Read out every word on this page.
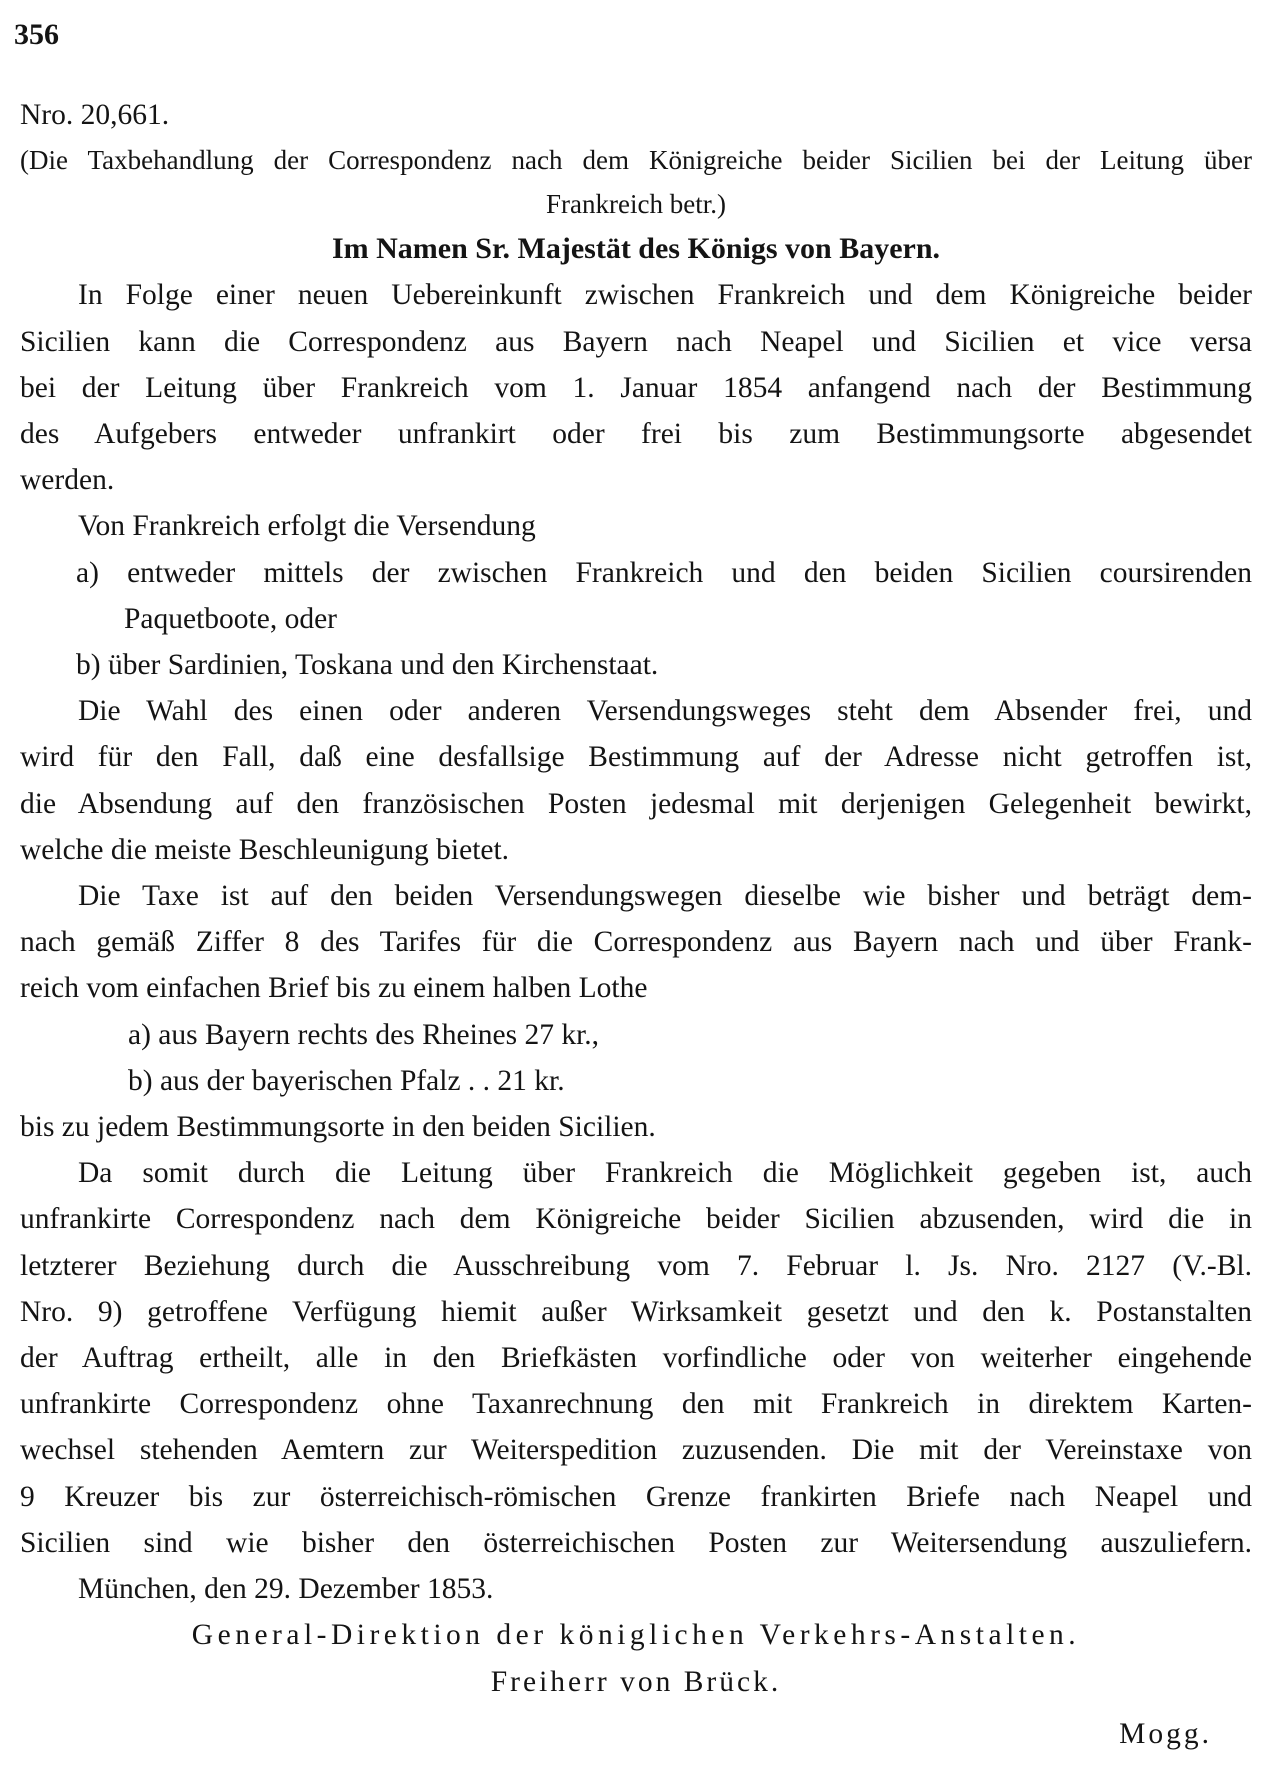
356
Nro. 20,661.
(Die Taxbehandlung der Correspondenz nach dem Königreiche beider Sicilien bei der Leitung über
Frankreich betr.)
Im Namen Sr. Majestät des Königs von Bayern.
In Folge einer neuen Uebereinkunft zwischen Frankreich und dem Königreiche beider
Sicilien kann die Correspondenz aus Bayern nach Neapel und Sicilien et vice versa
bei der Leitung über Frankreich vom 1. Januar 1854 anfangend nach der Bestimmung
des Aufgebers entweder unfrankirt oder frei bis zum Bestimmungsorte abgesendet
werden.
Von Frankreich erfolgt die Versendung
a) entweder mittels der zwischen Frankreich und den beiden Sicilien coursirenden
Paquetboote, oder
b) über Sardinien, Toskana und den Kirchenstaat.
Die Wahl des einen oder anderen Versendungsweges steht dem Absender frei, und
wird für den Fall, daß eine desfallsige Bestimmung auf der Adresse nicht getroffen ist,
die Absendung auf den französischen Posten jedesmal mit derjenigen Gelegenheit bewirkt,
welche die meiste Beschleunigung bietet.
Die Taxe ist auf den beiden Versendungswegen dieselbe wie bisher und beträgt dem-
nach gemäß Ziffer 8 des Tarifes für die Correspondenz aus Bayern nach und über Frank-
reich vom einfachen Brief bis zu einem halben Lothe
a) aus Bayern rechts des Rheines 27 kr.,
b) aus der bayerischen Pfalz . . 21 kr.
bis zu jedem Bestimmungsorte in den beiden Sicilien.
Da somit durch die Leitung über Frankreich die Möglichkeit gegeben ist, auch
unfrankirte Correspondenz nach dem Königreiche beider Sicilien abzusenden, wird die in
letzterer Beziehung durch die Ausschreibung vom 7. Februar l. Js. Nro. 2127 (V.-Bl.
Nro. 9) getroffene Verfügung hiemit außer Wirksamkeit gesetzt und den k. Postanstalten
der Auftrag ertheilt, alle in den Briefkästen vorfindliche oder von weiterher eingehende
unfrankirte Correspondenz ohne Taxanrechnung den mit Frankreich in direktem Karten-
wechsel stehenden Aemtern zur Weiterspedition zuzusenden. Die mit der Vereinstaxe von
9 Kreuzer bis zur österreichisch-römischen Grenze frankirten Briefe nach Neapel und
Sicilien sind wie bisher den österreichischen Posten zur Weitersendung auszuliefern.
München, den 29. Dezember 1853.
General-Direktion der königlichen Verkehrs-Anstalten.
Freiherr von Brück.
Mogg.
